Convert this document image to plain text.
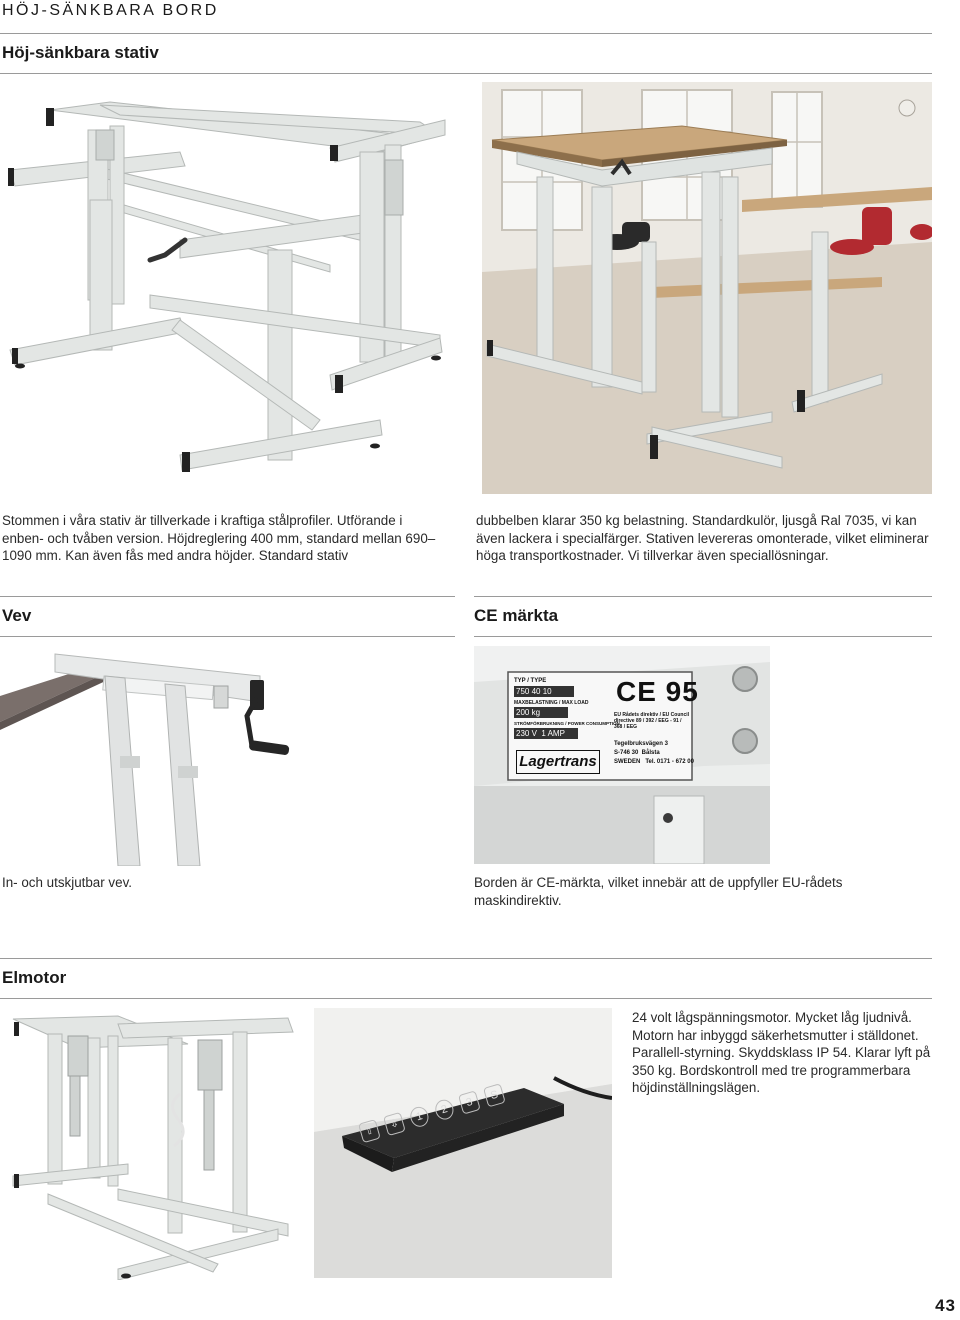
HÖJ-SÄNKBARA BORD
Höj-sänkbara stativ
Stommen i våra stativ är tillverkade i kraftiga stålprofiler. Utförande i enben- och tvåben version. Höjdreglering 400 mm, standard mellan 690–1090 mm. Kan även fås med andra höjder. Standard stativ
dubbelben klarar 350 kg belastning. Standardkulör, ljusgå Ral 7035, vi kan även lackera i specialfärger. Stativen levereras omonterade, vilket eliminerar höga transportkostnader. Vi tillverkar även speciallösningar.
Vev	CE märkta
TYP / TYPE
750 40 10
MAXBELASTNING / MAX LOAD
200 kg
STRÖMFÖRBRUKNING / POWER CONSUMPTION
230 V  1 AMP
CE 95
EU Rådets direktiv / EU Council directive 89 / 392 / EEG - 91 / 368 / EEG
Lagertrans
Tegelbruksvägen 3
S-746 30  Bålsta
SWEDEN   Tel. 0171 - 672 00
In- och utskjutbar vev.	Borden är CE-märkta, vilket innebär att de uppfyller EU-rådets maskindirektiv.
Elmotor
⇧
⇩
1
2
3
S
24 volt lågspänningsmotor. Mycket låg ljudnivå. Motorn har inbyggd säkerhetsmutter i ställdonet. Parallell-styrning. Skyddsklass IP 54. Klarar lyft på 350 kg. Bordskontroll med tre programmerbara höjdinställningslägen.
43
